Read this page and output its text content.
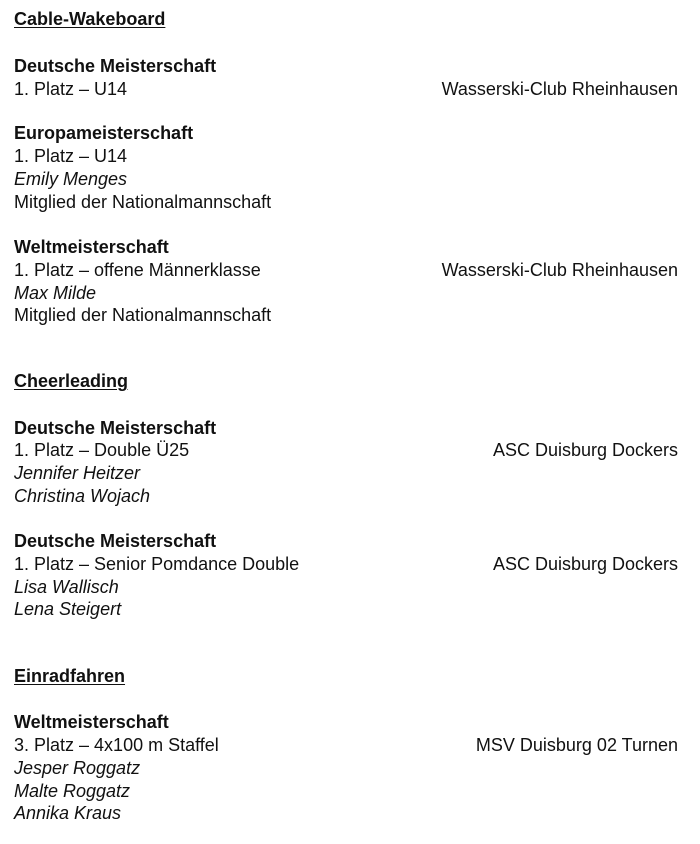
Cable-Wakeboard
Deutsche Meisterschaft
1. Platz – U14	Wasserski-Club Rheinhausen
Europameisterschaft
1. Platz – U14
Emily Menges
Mitglied der Nationalmannschaft
Weltmeisterschaft
1. Platz – offene Männerklasse	Wasserski-Club Rheinhausen
Max Milde
Mitglied der Nationalmannschaft
Cheerleading
Deutsche Meisterschaft
1. Platz – Double Ü25	ASC Duisburg Dockers
Jennifer Heitzer
Christina Wojach
Deutsche Meisterschaft
1. Platz – Senior Pomdance Double	ASC Duisburg Dockers
Lisa Wallisch
Lena Steigert
Einradfahren
Weltmeisterschaft
3. Platz – 4x100 m Staffel	MSV Duisburg 02 Turnen
Jesper Roggatz
Malte Roggatz
Annika Kraus
